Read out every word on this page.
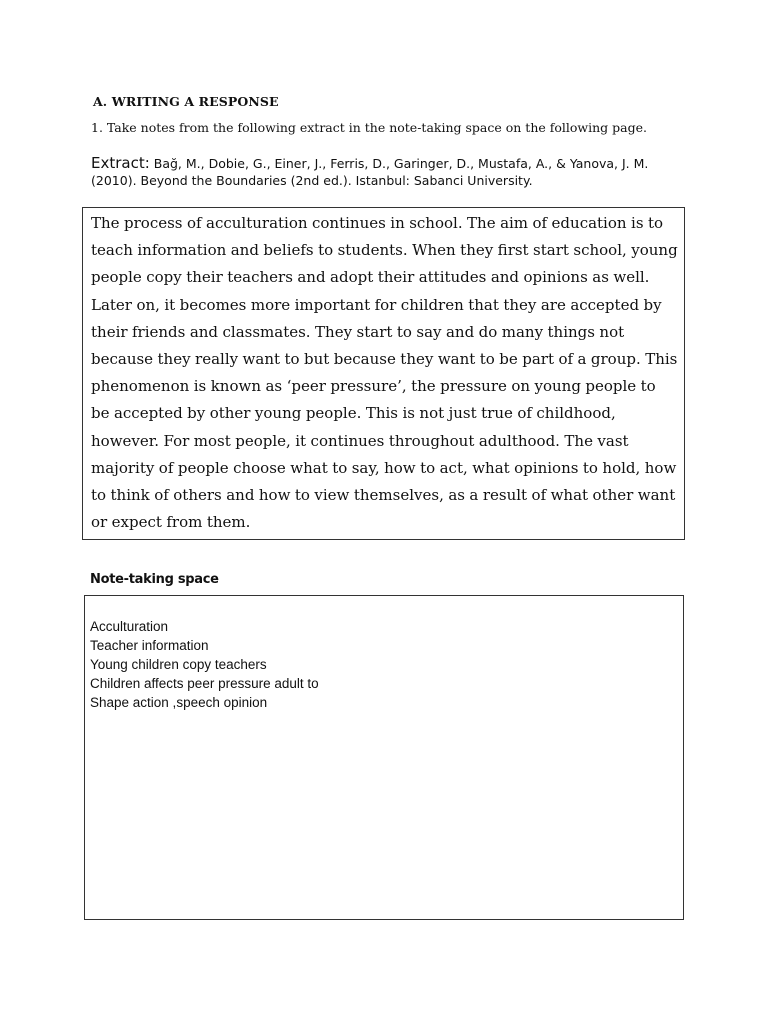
A. WRITING A RESPONSE
1. Take notes from the following extract in the note-taking space on the following page.
Extract: Bağ, M., Dobie, G., Einer, J., Ferris, D., Garinger, D., Mustafa, A., & Yanova, J. M. (2010). Beyond the Boundaries (2nd ed.). Istanbul: Sabanci University.

The process of acculturation continues in school. The aim of education is to teach information and beliefs to students. When they first start school, young people copy their teachers and adopt their attitudes and opinions as well. Later on, it becomes more important for children that they are accepted by their friends and classmates. They start to say and do many things not because they really want to but because they want to be part of a group. This phenomenon is known as ‘peer pressure’, the pressure on young people to be accepted by other young people. This is not just true of childhood, however. For most people, it continues throughout adulthood. The vast majority of people choose what to say, how to act, what opinions to hold, how to think of others and how to view themselves, as a result of what other want or expect from them.

Note-taking space
Acculturation
Teacher information
Young children copy teachers
Children affects peer pressure adult to
Shape action ,speech opinion
